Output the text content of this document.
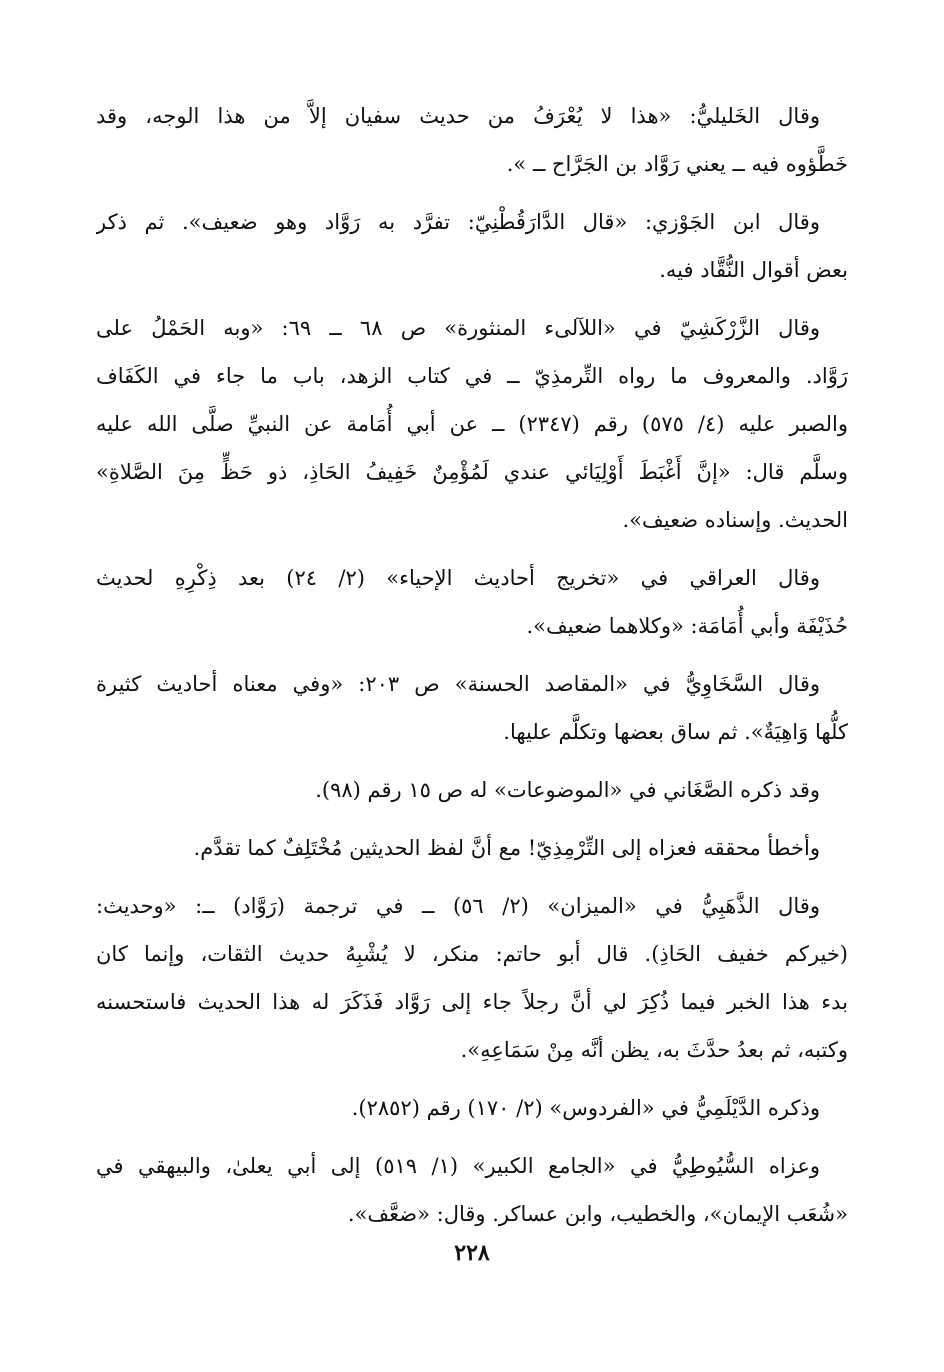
وقال الخَليليُّ: «هذا لا يُعْرَفُ من حديث سفيان إلاَّ من هذا الوجه، وقد
خَطَّؤوه فيه ــ يعني رَوَّاد بن الجَرَّاح ــ ».
وقال ابن الجَوْزي: «قال الدَّارَقُطْنِيّ: تفرَّد به رَوَّاد وهو ضعيف». ثم ذكر
بعض أقوال النُّقَّاد فيه.
وقال الزَّرْكَشِيّ في «اللآلىء المنثورة» ص ٦٨ ــ ٦٩: «وبه الحَمْلُ على
رَوَّاد. والمعروف ما رواه التِّرمذِيّ ــ في كتاب الزهد، باب ما جاء في الكَفَاف
والصبر عليه (٤/ ٥٧٥) رقم (٢٣٤٧) ــ عن أبي أُمَامة عن النبيِّ صلَّى الله عليه
وسلَّم قال: «إنَّ أَغْبَطَ أَوْلِيَائي عندي لَمُؤْمِنٌ خَفِيفُ الحَاذِ، ذو حَظٍّ مِنَ الصَّلاةِ»
الحديث. وإسناده ضعيف».
وقال العراقي في «تخريج أحاديث الإحياء» (٢/ ٢٤) بعد ذِكْرِهِ لحديث
حُذَيْفَة وأبي أُمَامَة: «وكلاهما ضعيف».
وقال السَّخَاوِيُّ في «المقاصد الحسنة» ص ٢٠٣: «وفي معناه أحاديث كثيرة
كلُّها وَاهِيَةٌ». ثم ساق بعضها وتكلَّم عليها.
وقد ذكره الصَّغَاني في «الموضوعات» له ص ١٥ رقم (٩٨).
وأخطأ محققه فعزاه إلى التِّرْمِذِيّ! مع أنَّ لفظ الحديثين مُخْتَلِفٌ كما تقدَّم.
وقال الذَّهَبِيُّ في «الميزان» (٢/ ٥٦) ــ في ترجمة (رَوَّاد) ــ: «وحديث:
(خيركم خفيف الحَاذِ). قال أبو حاتم: منكر، لا يُشْبِهُ حديث الثقات، وإنما كان
بدء هذا الخبر فيما ذُكِرَ لي أنَّ رجلاً جاء إلى رَوَّاد فَذَكَرَ له هذا الحديث فاستحسنه
وكتبه، ثم بعدُ حدَّثَ به، يظن أنَّه مِنْ سَمَاعِهِ».
وذكره الدَّيْلَمِيُّ في «الفردوس» (٢/ ١٧٠) رقم (٢٨٥٢).
وعزاه السُّيُوطِيُّ في «الجامع الكبير» (١/ ٥١٩) إلى أبي يعلىٰ، والبيهقي في
«شُعَب الإيمان»، والخطيب، وابن عساكر. وقال: «ضعَّف».
٢٢٨
